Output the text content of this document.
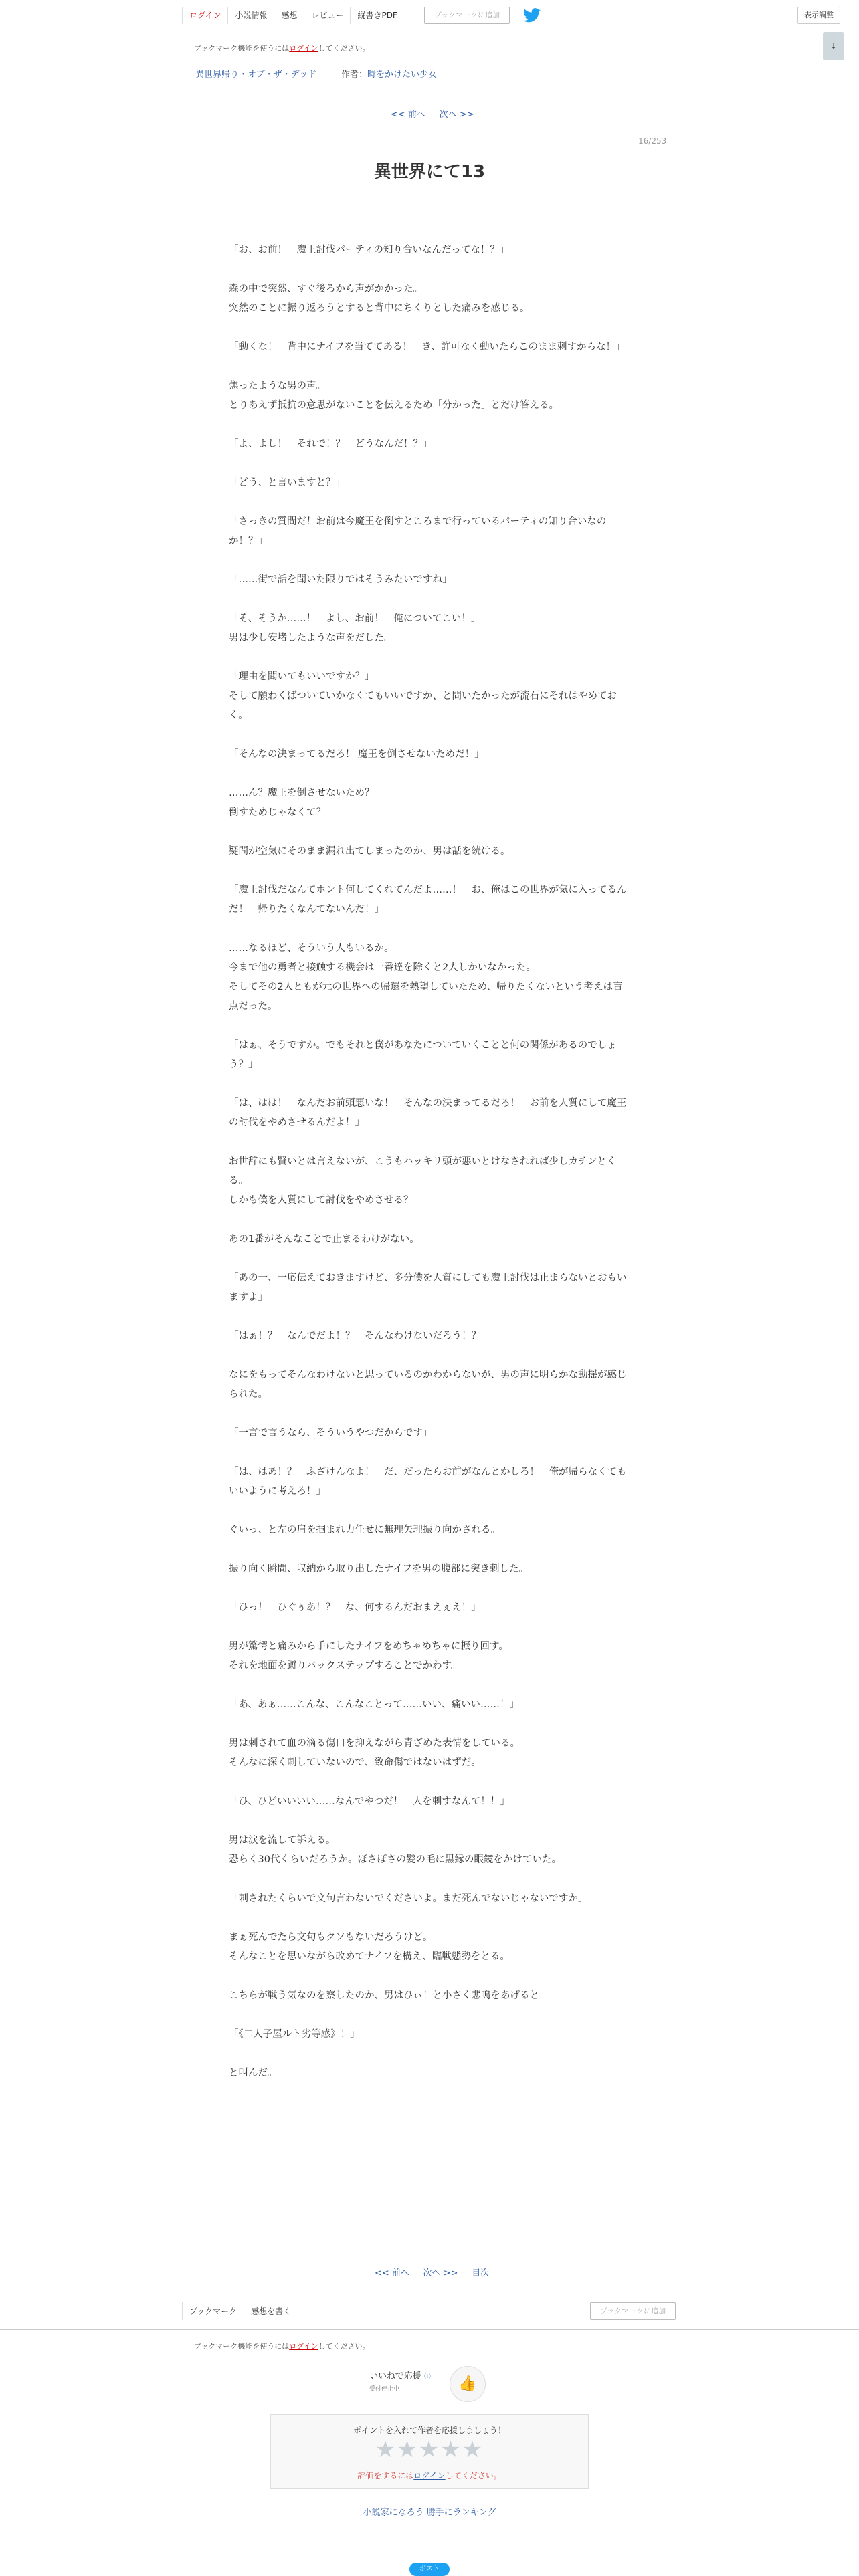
ログイン	小説情報	感想	レビュー	縦書きPDF	ブックマークに追加	表示調整
ブックマーク機能を使うにはログインしてください。	↓
異世界帰り・オブ・ザ・デッド	作者：時をかけたい少女
<< 前へ 次へ >>
16/253
異世界にて13

「お、お前！　魔王討伐パーティの知り合いなんだってな！？」

森の中で突然、すぐ後ろから声がかかった。
突然のことに振り返ろうとすると背中にちくりとした痛みを感じる。

「動くな！　背中にナイフを当ててある！　き、許可なく動いたらこのまま刺すからな！」

焦ったような男の声。
とりあえず抵抗の意思がないことを伝えるため「分かった」とだけ答える。

「よ、よし！　それで！？　どうなんだ！？」

「どう、と言いますと？」

「さっきの質問だ！お前は今魔王を倒すところまで行っているパーティの知り合いなのか！？」

「……街で話を聞いた限りではそうみたいですね」

「そ、そうか……！　よし、お前！　俺についてこい！」
男は少し安堵したような声をだした。

「理由を聞いてもいいですか？」
そして願わくばついていかなくてもいいですか、と問いたかったが流石にそれはやめておく。

「そんなの決まってるだろ！ 魔王を倒させないためだ！」

……ん？魔王を倒させないため？
倒すためじゃなくて？

疑問が空気にそのまま漏れ出てしまったのか、男は話を続ける。

「魔王討伐だなんてホント何してくれてんだよ……！　お、俺はこの世界が気に入ってるんだ！　帰りたくなんてないんだ！」

……なるほど、そういう人もいるか。
今まで他の勇者と接触する機会は一番達を除くと2人しかいなかった。
そしてその2人ともが元の世界への帰還を熱望していたため、帰りたくないという考えは盲点だった。

「はぁ、そうですか。でもそれと僕があなたについていくことと何の関係があるのでしょう？」

「は、はは！　なんだお前頭悪いな！　そんなの決まってるだろ！　お前を人質にして魔王の討伐をやめさせるんだよ！」

お世辞にも賢いとは言えないが、こうもハッキリ頭が悪いとけなされれば少しカチンとくる。
しかも僕を人質にして討伐をやめさせる？

あの1番がそんなことで止まるわけがない。

「あの一、一応伝えておきますけど、多分僕を人質にしても魔王討伐は止まらないとおもいますよ」

「はぁ！？　なんでだよ！？　そんなわけないだろう！？」

なにをもってそんなわけないと思っているのかわからないが、男の声に明らかな動揺が感じられた。

「一言で言うなら、そういうやつだからです」

「は、はあ！？　ふざけんなよ！　だ、だったらお前がなんとかしろ！　俺が帰らなくてもいいように考えろ！」

ぐいっ、と左の肩を掴まれ力任せに無理矢理振り向かされる。

振り向く瞬間、収納から取り出したナイフを男の腹部に突き刺した。

「ひっ！　ひぐぅあ！？　な、何するんだおまえぇえ！」

男が驚愕と痛みから手にしたナイフをめちゃめちゃに振り回す。
それを地面を蹴りバックステップすることでかわす。

「あ、あぁ……こんな、こんなことって……いい、痛いい……！」

男は刺されて血の滴る傷口を抑えながら青ざめた表情をしている。
そんなに深く刺していないので、致命傷ではないはずだ。

「ひ、ひどいいいい……なんでやつだ！　人を刺すなんて！！」

男は涙を流して訴える。
恐らく30代くらいだろうか。ぼさぼさの髪の毛に黒縁の眼鏡をかけていた。

「刺されたくらいで文句言わないでくださいよ。まだ死んでないじゃないですか」

まぁ死んでたら文句もクソもないだろうけど。
そんなことを思いながら改めてナイフを構え、臨戦態勢をとる。

こちらが戦う気なのを察したのか、男はひぃ！と小さく悲鳴をあげると

「《二人子屋ルト劣等感》！」

と叫んだ。

<< 前へ 次へ >> 目次
ブックマーク	感想を書く	ブックマークに追加
ブックマーク機能を使うにはログインしてください。
いいねで応援 ⓘ
受付停止中	👍
ポイントを入れて作者を応援しましょう！
★★★★★
評価をするにはログインしてください。
小説家になろう 勝手にランキング
ポスト
